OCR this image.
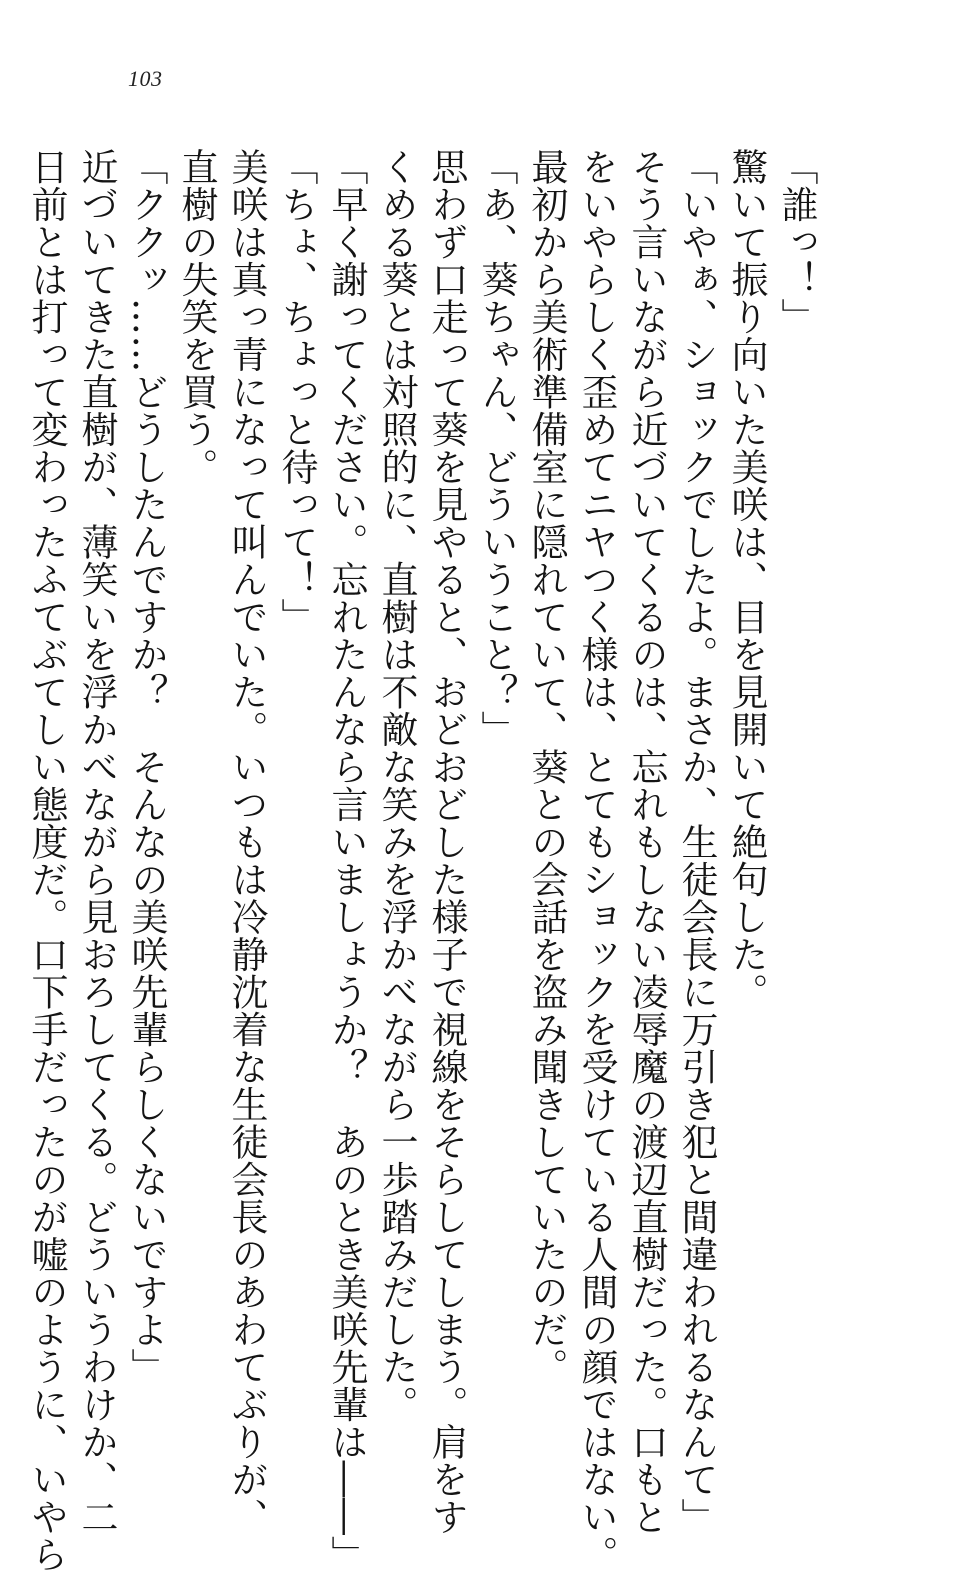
103
「誰っ！」
驚いて振り向いた美咲は、目を見開いて絶句した。
「いやぁ、ショックでしたよ。まさか、生徒会長に万引き犯と間違われるなんて」
そう言いながら近づいてくるのは、忘れもしない凌辱魔の渡辺直樹だった。口もと
をいやらしく歪めてニヤつく様は、とてもショックを受けている人間の顔ではない。
最初から美術準備室に隠れていて、葵との会話を盗み聞きしていたのだ。
「あ、葵ちゃん、どういうこと？」
思わず口走って葵を見やると、おどおどした様子で視線をそらしてしまう。肩をす
くめる葵とは対照的に、直樹は不敵な笑みを浮かべながら一歩踏みだした。
「早く謝ってください。忘れたんなら言いましょうか？　あのとき美咲先輩は――」
「ちょ、ちょっと待って！」
美咲は真っ青になって叫んでいた。いつもは冷静沈着な生徒会長のあわてぶりが、
直樹の失笑を買う。
「ククッ……どうしたんですか？　そんなの美咲先輩らしくないですよ」
近づいてきた直樹が、薄笑いを浮かべながら見おろしてくる。どういうわけか、二
日前とは打って変わったふてぶてしい態度だ。口下手だったのが嘘のように、いやら
